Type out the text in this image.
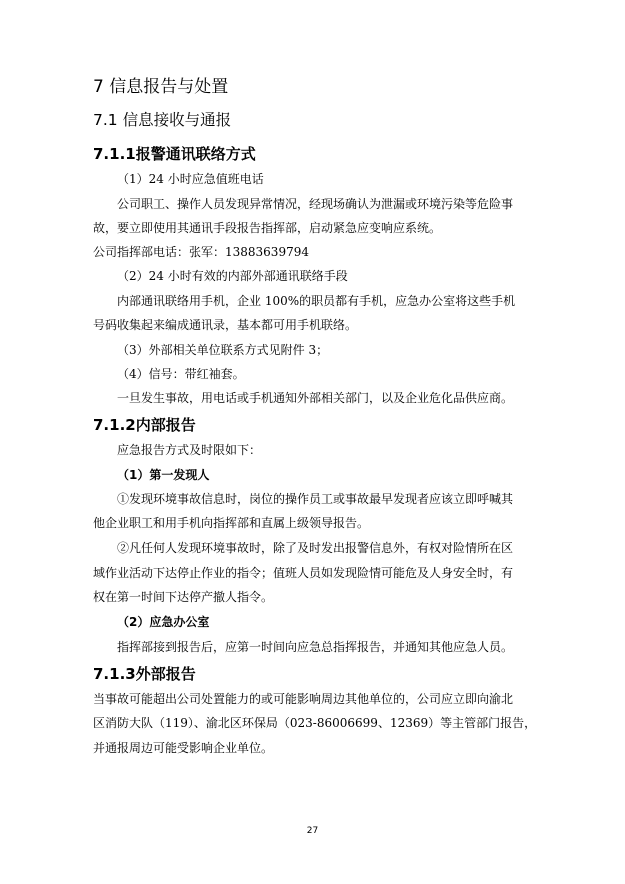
7 信息报告与处置
7.1 信息接收与通报
7.1.1报警通讯联络方式
（1）24 小时应急值班电话
公司职工、操作人员发现异常情况，经现场确认为泄漏或环境污染等危险事
故，要立即使用其通讯手段报告指挥部，启动紧急应变响应系统。
公司指挥部电话：张军：13883639794
（2）24 小时有效的内部外部通讯联络手段
内部通讯联络用手机，企业 100%的职员都有手机，应急办公室将这些手机
号码收集起来编成通讯录，基本都可用手机联络。
（3）外部相关单位联系方式见附件 3；
（4）信号：带红袖套。
一旦发生事故，用电话或手机通知外部相关部门，以及企业危化品供应商。
7.1.2内部报告
应急报告方式及时限如下：
（1）第一发现人
①发现环境事故信息时，岗位的操作员工或事故最早发现者应该立即呼喊其
他企业职工和用手机向指挥部和直属上级领导报告。
②凡任何人发现环境事故时，除了及时发出报警信息外，有权对险情所在区
域作业活动下达停止作业的指令；值班人员如发现险情可能危及人身安全时，有
权在第一时间下达停产撤人指令。
（2）应急办公室
指挥部接到报告后，应第一时间向应急总指挥报告，并通知其他应急人员。
7.1.3外部报告
当事故可能超出公司处置能力的或可能影响周边其他单位的，公司应立即向渝北
区消防大队（119）、渝北区环保局（023-86006699、12369）等主管部门报告，
并通报周边可能受影响企业单位。
27
